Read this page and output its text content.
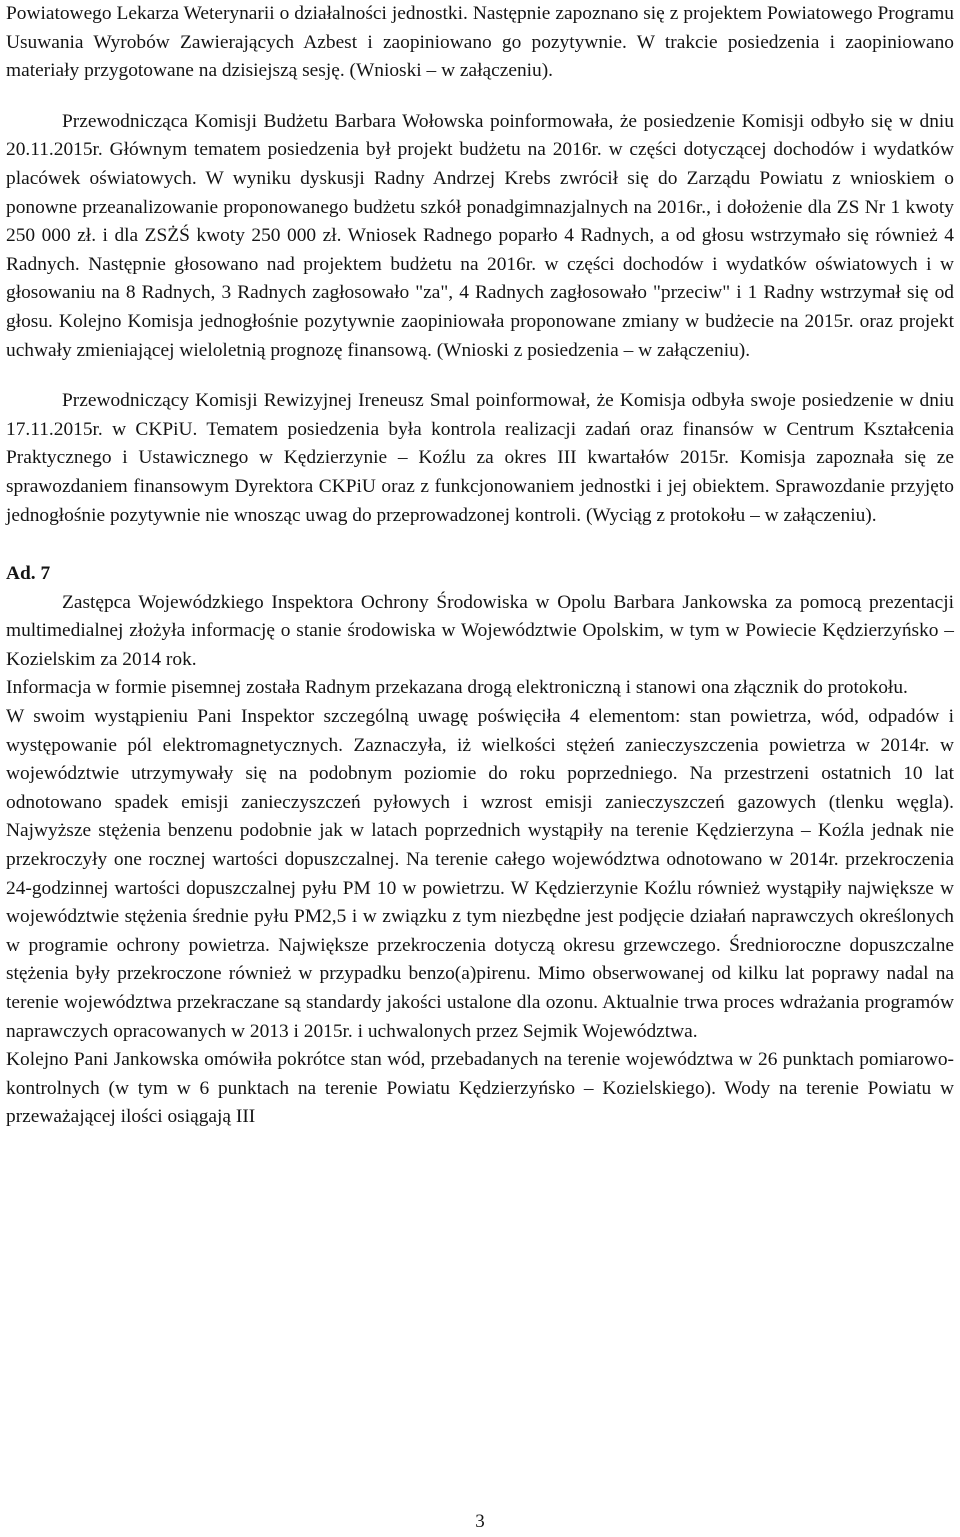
Powiatowego Lekarza Weterynarii o działalności jednostki. Następnie zapoznano się z projektem Powiatowego Programu Usuwania Wyrobów Zawierających Azbest i zaopiniowano go pozytywnie. W trakcie posiedzenia i zaopiniowano materiały przygotowane na dzisiejszą sesję. (Wnioski – w załączeniu).

Przewodnicząca Komisji Budżetu Barbara Wołowska poinformowała, że posiedzenie Komisji odbyło się w dniu 20.11.2015r. Głównym tematem posiedzenia był projekt budżetu na 2016r. w części dotyczącej dochodów i wydatków placówek oświatowych. W wyniku dyskusji Radny Andrzej Krebs zwrócił się do Zarządu Powiatu z wnioskiem o ponowne przeanalizowanie proponowanego budżetu szkół ponadgimnazjalnych na 2016r., i dołożenie dla ZS Nr 1 kwoty 250 000 zł. i dla ZSŻŚ kwoty 250 000 zł. Wniosek Radnego poparło 4 Radnych, a od głosu wstrzymało się również 4 Radnych. Następnie głosowano nad projektem budżetu na 2016r. w części dochodów i wydatków oświatowych i w głosowaniu na 8 Radnych, 3 Radnych zagłosowało "za", 4 Radnych zagłosowało "przeciw" i 1 Radny wstrzymał się od głosu. Kolejno Komisja jednogłośnie pozytywnie zaopiniowała proponowane zmiany w budżecie na 2015r. oraz projekt uchwały zmieniającej wieloletnią prognozę finansową. (Wnioski z posiedzenia – w załączeniu).

Przewodniczący Komisji Rewizyjnej Ireneusz Smal poinformował, że Komisja odbyła swoje posiedzenie w dniu 17.11.2015r. w CKPiU. Tematem posiedzenia była kontrola realizacji zadań oraz finansów w Centrum Kształcenia Praktycznego i Ustawicznego w Kędzierzynie – Koźlu za okres III kwartałów 2015r. Komisja zapoznała się ze sprawozdaniem finansowym Dyrektora CKPiU oraz z funkcjonowaniem jednostki i jej obiektem. Sprawozdanie przyjęto jednogłośnie pozytywnie nie wnosząc uwag do przeprowadzonej kontroli. (Wyciąg z protokołu – w załączeniu).

Ad. 7

Zastępca Wojewódzkiego Inspektora Ochrony Środowiska w Opolu Barbara Jankowska za pomocą prezentacji multimedialnej złożyła informację o stanie środowiska w Województwie Opolskim, w tym w Powiecie Kędzierzyńsko – Kozielskim za 2014 rok.

Informacja w formie pisemnej została Radnym przekazana drogą elektroniczną i stanowi ona złącznik do protokołu.

W swoim wystąpieniu Pani Inspektor szczególną uwagę poświęciła 4 elementom: stan powietrza, wód, odpadów i występowanie pól elektromagnetycznych. Zaznaczyła, iż wielkości stężeń zanieczyszczenia powietrza w 2014r. w województwie utrzymywały się na podobnym poziomie do roku poprzedniego. Na przestrzeni ostatnich 10 lat odnotowano spadek emisji zanieczyszczeń pyłowych i wzrost emisji zanieczyszczeń gazowych (tlenku węgla). Najwyższe stężenia benzenu podobnie jak w latach poprzednich wystąpiły na terenie Kędzierzyna – Koźla jednak nie przekroczyły one rocznej wartości dopuszczalnej. Na terenie całego województwa odnotowano w 2014r. przekroczenia 24-godzinnej wartości dopuszczalnej pyłu PM 10 w powietrzu. W Kędzierzynie Koźlu również wystąpiły największe w województwie stężenia średnie pyłu PM2,5 i w związku z tym niezbędne jest podjęcie działań naprawczych określonych w programie ochrony powietrza. Największe przekroczenia dotyczą okresu grzewczego. Średnioroczne dopuszczalne stężenia były przekroczone również w przypadku benzo(a)pirenu. Mimo obserwowanej od kilku lat poprawy nadal na terenie województwa przekraczane są standardy jakości ustalone dla ozonu. Aktualnie trwa proces wdrażania programów naprawczych opracowanych w 2013 i 2015r. i uchwalonych przez Sejmik Województwa.

Kolejno Pani Jankowska omówiła pokrótce stan wód, przebadanych na terenie województwa w 26 punktach pomiarowo-kontrolnych (w tym w 6 punktach na terenie Powiatu Kędzierzyńsko – Kozielskiego). Wody na terenie Powiatu w przeważającej ilości osiągają III

3
